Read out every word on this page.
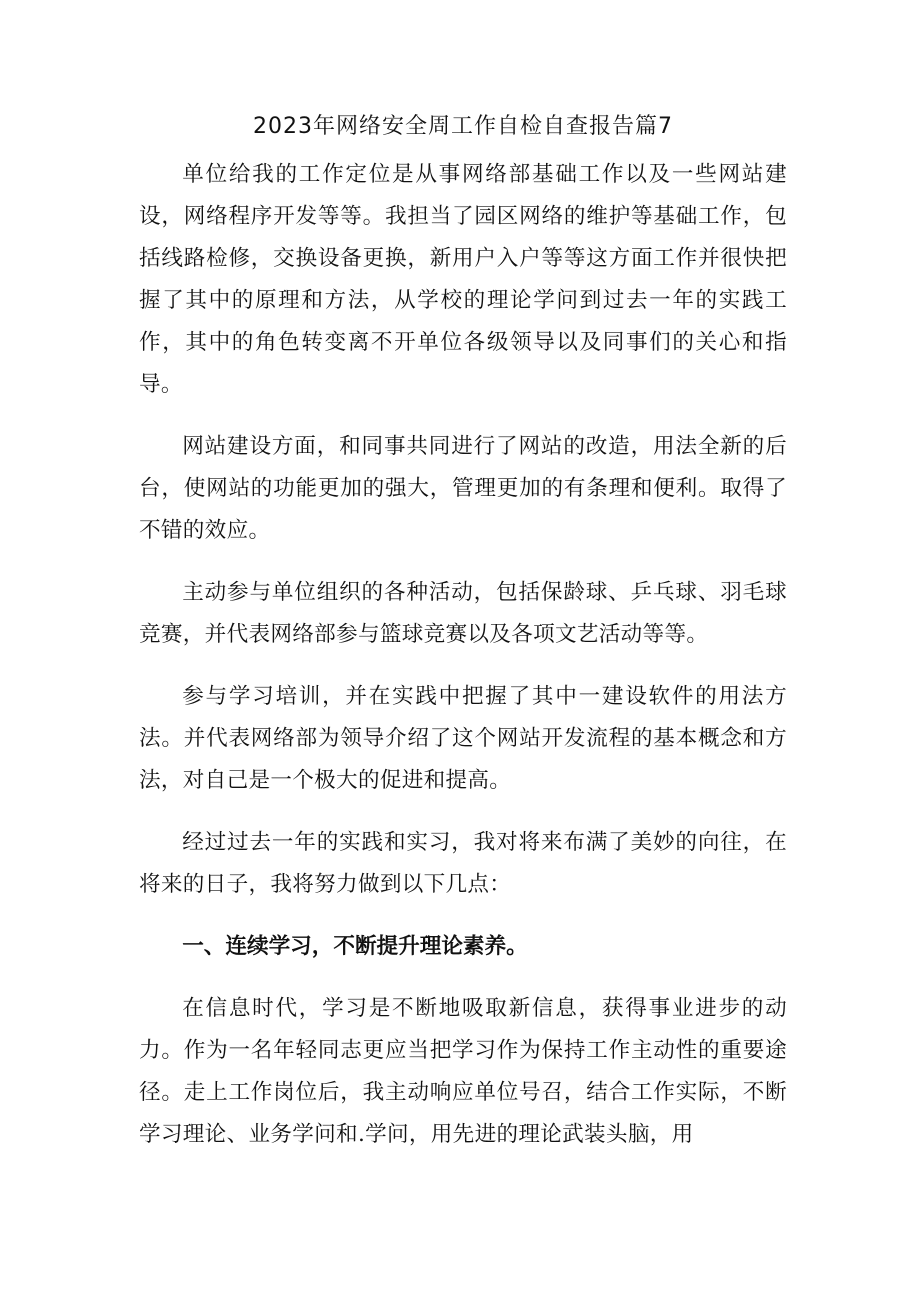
2023年网络安全周工作自检自查报告篇7

单位给我的工作定位是从事网络部基础工作以及一些网站建设，网络程序开发等等。我担当了园区网络的维护等基础工作，包括线路检修，交换设备更换，新用户入户等等这方面工作并很快把握了其中的原理和方法，从学校的理论学问到过去一年的实践工作，其中的角色转变离不开单位各级领导以及同事们的关心和指导。

网站建设方面，和同事共同进行了网站的改造，用法全新的后台，使网站的功能更加的强大，管理更加的有条理和便利。取得了不错的效应。

主动参与单位组织的各种活动，包括保龄球、乒乓球、羽毛球竞赛，并代表网络部参与篮球竞赛以及各项文艺活动等等。

参与学习培训，并在实践中把握了其中一建设软件的用法方法。并代表网络部为领导介绍了这个网站开发流程的基本概念和方法，对自己是一个极大的促进和提高。

经过过去一年的实践和实习，我对将来布满了美妙的向往，在将来的日子，我将努力做到以下几点：

一、连续学习，不断提升理论素养。

在信息时代，学习是不断地吸取新信息，获得事业进步的动力。作为一名年轻同志更应当把学习作为保持工作主动性的重要途径。走上工作岗位后，我主动响应单位号召，结合工作实际，不断学习理论、业务学问和.学问，用先进的理论武装头脑，用
